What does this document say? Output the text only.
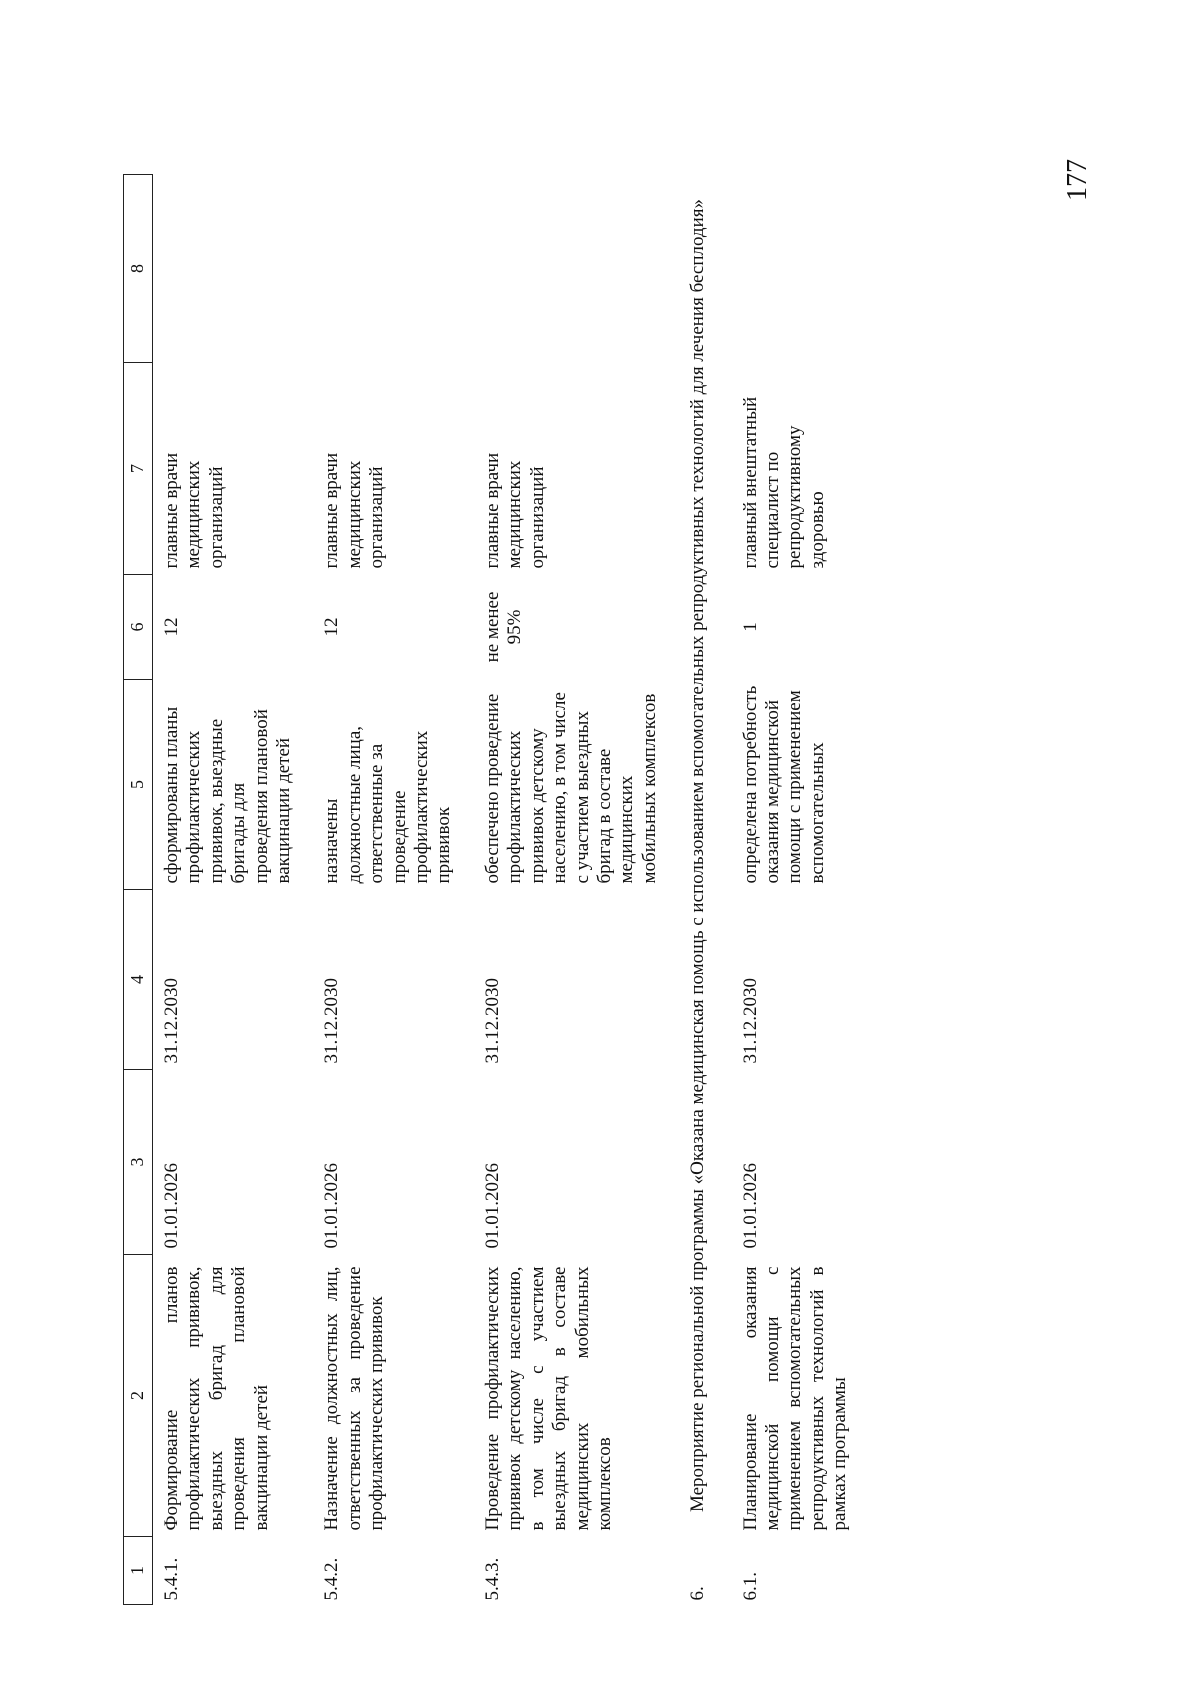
177
1	2	3	4	5	6	7	8
5.4.1.	Формирование планов профилактических прививок, выездных бригад для проведения плановой вакцинации детей	01.01.2026	31.12.2030	сформированы планы профилактических прививок, выездные бригады для проведения плановой вакцинации детей	12	главные врачи медицинских организаций	
5.4.2.	Назначение должностных лиц, ответственных за проведение профилактических прививок	01.01.2026	31.12.2030	назначены должностные лица, ответственные за проведение профилактических прививок	12	главные врачи медицинских организаций	
5.4.3.	Проведение профилактических прививок детскому населению, в том числе с участием выездных бригад в составе медицинских мобильных комплексов	01.01.2026	31.12.2030	обеспечено проведение профилактических прививок детскому населению, в том числе с участием выездных бригад в составе медицинских мобильных комплексов	не менее 95%	главные врачи медицинских организаций	
6.	Мероприятие региональной программы «Оказана медицинская помощь с использованием вспомогательных репродуктивных технологий для лечения бесплодия»						
6.1.	Планирование оказания медицинской помощи с применением вспомогательных репродуктивных технологий в рамках программы	01.01.2026	31.12.2030	определена потребность оказания медицинской помощи с применением вспомогательных	1	главный внештатный специалист по репродуктивному здоровью	
